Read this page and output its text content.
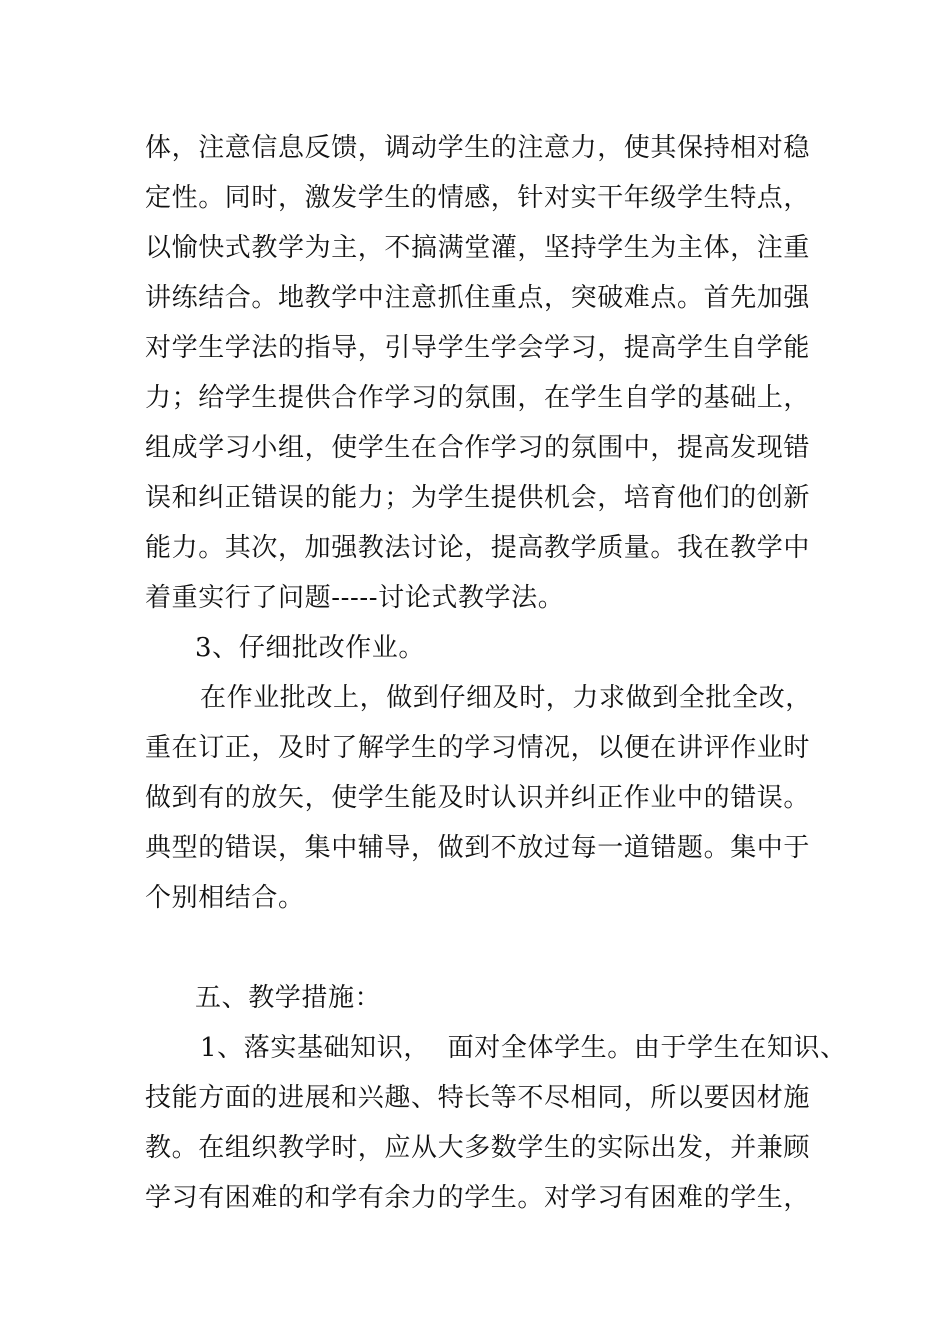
体，注意信息反馈，调动学生的注意力，使其保持相对稳
定性。同时，激发学生的情感，针对实干年级学生特点，
以愉快式教学为主，不搞满堂灌，坚持学生为主体，注重
讲练结合。地教学中注意抓住重点，突破难点。首先加强
对学生学法的指导，引导学生学会学习，提高学生自学能
力；给学生提供合作学习的氛围，在学生自学的基础上，
组成学习小组，使学生在合作学习的氛围中，提高发现错
误和纠正错误的能力；为学生提供机会，培育他们的创新
能力。其次，加强教法讨论，提高教学质量。我在教学中
着重实行了问题-----讨论式教学法。
3、仔细批改作业。
在作业批改上，做到仔细及时，力求做到全批全改，
重在订正，及时了解学生的学习情况，以便在讲评作业时
做到有的放矢，使学生能及时认识并纠正作业中的错误。
典型的错误，集中辅导，做到不放过每一道错题。集中于
个别相结合。
五、教学措施：
1、落实基础知识，  面对全体学生。由于学生在知识、
技能方面的进展和兴趣、特长等不尽相同，所以要因材施
教。在组织教学时，应从大多数学生的实际出发，并兼顾
学习有困难的和学有余力的学生。对学习有困难的学生，
